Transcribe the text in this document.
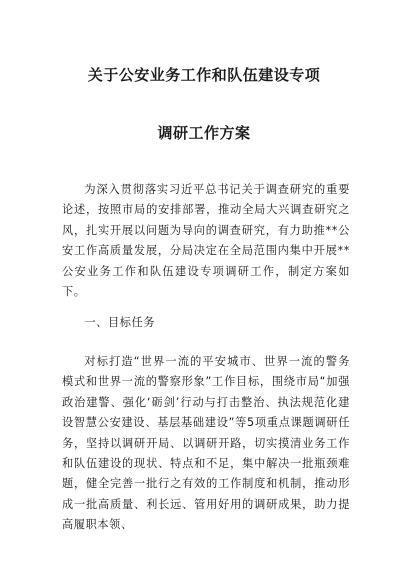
关于公安业务工作和队伍建设专项
调研工作方案
为深入贯彻落实习近平总书记关于调查研究的重要论述，按照市局的安排部署，推动全局大兴调查研究之风，扎实开展以问题为导向的调查研究，有力助推**公安工作高质量发展，分局决定在全局范围内集中开展**公安业务工作和队伍建设专项调研工作，制定方案如下。
一、目标任务
对标打造“世界一流的平安城市、世界一流的警务模式和世界一流的警察形象”工作目标，围绕市局“加强政治建警、强化‘砺剑’行动与打击整治、执法规范化建设智慧公安建设、基层基础建设”等5项重点课题调研任务，坚持以调研开局、以调研开路，切实摸清业务工作和队伍建设的现状、特点和不足，集中解决一批瓶颈难题，健全完善一批行之有效的工作制度和机制，推动形成一批高质量、利长远、管用好用的调研成果，助力提高履职本领、
